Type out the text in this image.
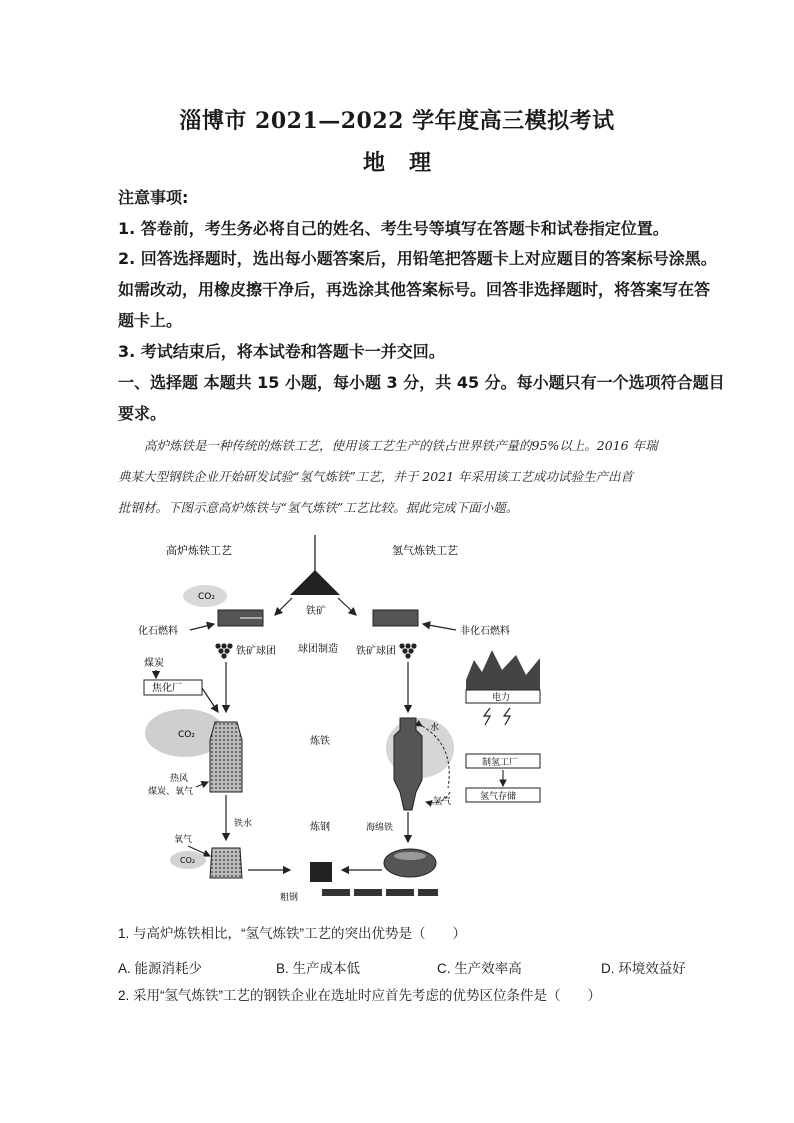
淄博市 2021—2022 学年度高三模拟考试
地 理
注意事项:
1. 答卷前，考生务必将自己的姓名、考生号等填写在答题卡和试卷指定位置。
2. 回答选择题时，选出每小题答案后，用铅笔把答题卡上对应题目的答案标号涂黑。
如需改动，用橡皮擦干净后，再选涂其他答案标号。回答非选择题时，将答案写在答
题卡上。
3. 考试结束后，将本试卷和答题卡一并交回。
一、选择题 本题共 15 小题，每小题 3 分，共 45 分。每小题只有一个选项符合题目
要求。
高炉炼铁是一种传统的炼铁工艺，使用该工艺生产的铁占世界铁产量的95%以上。2016 年瑞
典某大型钢铁企业开始研发试验“氢气炼铁”工艺，并于 2021 年采用该工艺成功试验生产出首
批钢材。下图示意高炉炼铁与“氢气炼铁”工艺比较。据此完成下面小题。
高炉炼铁工艺	氢气炼铁工艺
铁矿
CO₂
化石燃料
铁矿球团 球团制造
非化石燃料
铁矿球团
煤炭
焦化厂
CO₂
热风
煤炭、氧气
炼铁
铁水
氧气
CO₂
炼钢
粗钢
水
氢气
电力
制氢工厂
氢气存储
海绵铁
1. 与高炉炼铁相比，“氢气炼铁”工艺的突出优势是（　　）
A. 能源消耗少	B. 生产成本低	C. 生产效率高	D. 环境效益好
2. 采用“氢气炼铁”工艺的钢铁企业在选址时应首先考虑的优势区位条件是（　　）
